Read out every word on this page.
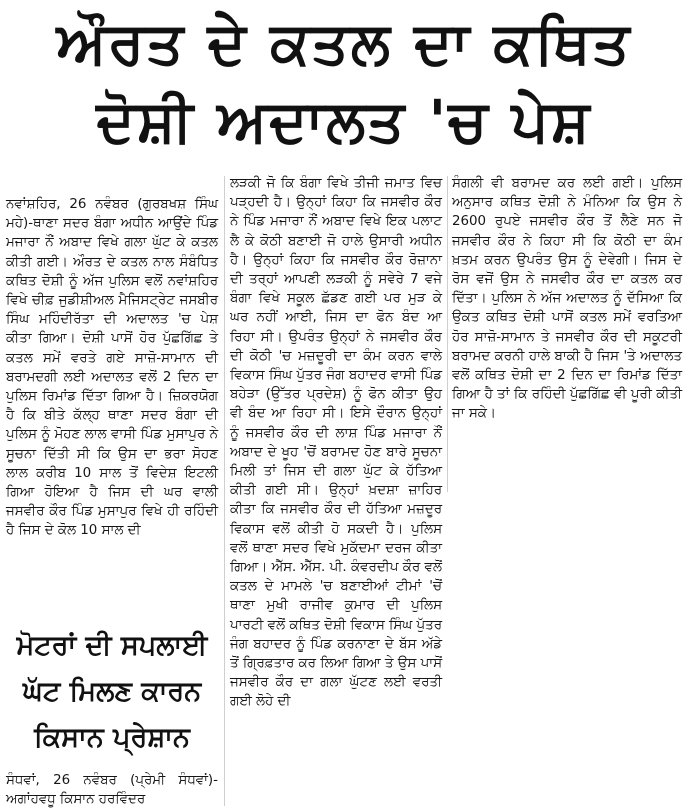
ਔਰਤ ਦੇ ਕਤਲ ਦਾ ਕਥਿਤ
ਦੋਸ਼ੀ ਅਦਾਲਤ 'ਚ ਪੇਸ਼
ਨਵਾਂਸ਼ਹਿਰ, 26 ਨਵੰਬਰ (ਗੁਰਬਖਸ਼ ਸਿੰਘ ਮਹੇ)-ਥਾਣਾ ਸਦਰ ਬੰਗਾ ਅਧੀਨ ਆਉਂਦੇ ਪਿੰਡ ਮਜਾਰਾ ਨੌਂ ਅਬਾਦ ਵਿਖੇ ਗਲਾ ਘੁੱਟ ਕੇ ਕਤਲ ਕੀਤੀ ਗਈ। ਔਰਤ ਦੇ ਕਤਲ ਨਾਲ ਸੰਬੰਧਿਤ ਕਥਿਤ ਦੋਸ਼ੀ ਨੂੰ ਅੱਜ ਪੁਲਿਸ ਵਲੋਂ ਨਵਾਂਸ਼ਹਿਰ ਵਿਖੇ ਚੀਫ਼ ਜੁਡੀਸ਼ੀਅਲ ਮੈਜਿਸਟ੍ਰੇਟ ਜਸਬੀਰ ਸਿੰਘ ਮਹਿੰਦੀਰੱਤਾ ਦੀ ਅਦਾਲਤ 'ਚ ਪੇਸ਼ ਕੀਤਾ ਗਿਆ। ਦੋਸ਼ੀ ਪਾਸੋਂ ਹੋਰ ਪੁੱਛਗਿੱਛ ਤੇ ਕਤਲ ਸਮੇਂ ਵਰਤੇ ਗਏ ਸਾਜ਼ੋ-ਸਾਮਾਨ ਦੀ ਬਰਾਮਦਗੀ ਲਈ ਅਦਾਲਤ ਵਲੋਂ 2 ਦਿਨ ਦਾ ਪੁਲਿਸ ਰਿਮਾਂਡ ਦਿੱਤਾ ਗਿਆ ਹੈ। ਜ਼ਿਕਰਯੋਗ ਹੈ ਕਿ ਬੀਤੇ ਕੱਲ੍ਹ ਥਾਣਾ ਸਦਰ ਬੰਗਾ ਦੀ ਪੁਲਿਸ ਨੂੰ ਮੋਹਣ ਲਾਲ ਵਾਸੀ ਪਿੰਡ ਮੁਸਾਪੁਰ ਨੇ ਸੂਚਨਾ ਦਿੱਤੀ ਸੀ ਕਿ ਉਸ ਦਾ ਭਰਾ ਸੋਹਣ ਲਾਲ ਕਰੀਬ 10 ਸਾਲ ਤੋਂ ਵਿਦੇਸ਼ ਇਟਲੀ ਗਿਆ ਹੋਇਆ ਹੈ ਜਿਸ ਦੀ ਘਰ ਵਾਲੀ ਜਸਵੀਰ ਕੌਰ ਪਿੰਡ ਮੁਸਾਪੁਰ ਵਿਖੇ ਹੀ ਰਹਿੰਦੀ ਹੈ ਜਿਸ ਦੇ ਕੋਲ 10 ਸਾਲ ਦੀ
ਲੜਕੀ ਜੋ ਕਿ ਬੰਗਾ ਵਿਖੇ ਤੀਜੀ ਜਮਾਤ ਵਿਚ ਪੜ੍ਹਦੀ ਹੈ। ਉਨ੍ਹਾਂ ਕਿਹਾ ਕਿ ਜਸਵੀਰ ਕੌਰ ਨੇ ਪਿੰਡ ਮਜਾਰਾ ਨੌਂ ਅਬਾਦ ਵਿਖੇ ਇਕ ਪਲਾਟ ਲੈ ਕੇ ਕੋਠੀ ਬਣਾਈ ਜੋ ਹਾਲੇ ਉਸਾਰੀ ਅਧੀਨ ਹੈ। ਉਨ੍ਹਾਂ ਕਿਹਾ ਕਿ ਜਸਵੀਰ ਕੌਰ ਰੋਜ਼ਾਨਾ ਦੀ ਤਰ੍ਹਾਂ ਆਪਣੀ ਲੜਕੀ ਨੂੰ ਸਵੇਰੇ 7 ਵਜੇ ਬੰਗਾ ਵਿਖੇ ਸਕੂਲ ਛੱਡਣ ਗਈ ਪਰ ਮੁੜ ਕੇ ਘਰ ਨਹੀਂ ਆਈ, ਜਿਸ ਦਾ ਫੋਨ ਬੰਦ ਆ ਰਿਹਾ ਸੀ। ਉਪਰੰਤ ਉਨ੍ਹਾਂ ਨੇ ਜਸਵੀਰ ਕੌਰ ਦੀ ਕੋਠੀ 'ਚ ਮਜ਼ਦੂਰੀ ਦਾ ਕੰਮ ਕਰਨ ਵਾਲੇ ਵਿਕਾਸ ਸਿੰਘ ਪੁੱਤਰ ਜੰਗ ਬਹਾਦਰ ਵਾਸੀ ਪਿੰਡ ਬਹੇੜਾ (ਉੱਤਰ ਪ੍ਰਦੇਸ਼) ਨੂੰ ਫੋਨ ਕੀਤਾ ਉਹ ਵੀ ਬੰਦ ਆ ਰਿਹਾ ਸੀ। ਇਸੇ ਦੌਰਾਨ ਉਨ੍ਹਾਂ ਨੂੰ ਜਸਵੀਰ ਕੌਰ ਦੀ ਲਾਸ਼ ਪਿੰਡ ਮਜਾਰਾ ਨੌਂ ਅਬਾਦ ਦੇ ਖੂਹ 'ਚੋਂ ਬਰਾਮਦ ਹੋਣ ਬਾਰੇ ਸੂਚਨਾ ਮਿਲੀ ਤਾਂ ਜਿਸ ਦੀ ਗਲਾ ਘੁੱਟ ਕੇ ਹੱਤਿਆ ਕੀਤੀ ਗਈ ਸੀ। ਉਨ੍ਹਾਂ ਖ਼ਦਸ਼ਾ ਜ਼ਾਹਿਰ ਕੀਤਾ ਕਿ ਜਸਵੀਰ ਕੌਰ ਦੀ ਹੱਤਿਆ ਮਜ਼ਦੂਰ ਵਿਕਾਸ ਵਲੋਂ ਕੀਤੀ ਹੋ ਸਕਦੀ ਹੈ। ਪੁਲਿਸ ਵਲੋਂ ਥਾਣਾ ਸਦਰ ਵਿਖੇ ਮੁਕੱਦਮਾ ਦਰਜ ਕੀਤਾ ਗਿਆ। ਐੱਸ. ਐੱਸ. ਪੀ. ਕੰਵਰਦੀਪ ਕੌਰ ਵਲੋਂ ਕਤਲ ਦੇ ਮਾਮਲੇ 'ਚ ਬਣਾਈਆਂ ਟੀਮਾਂ 'ਚੋਂ ਥਾਣਾ ਮੁਖੀ ਰਾਜੀਵ ਕੁਮਾਰ ਦੀ ਪੁਲਿਸ ਪਾਰਟੀ ਵਲੋਂ ਕਥਿਤ ਦੋਸ਼ੀ ਵਿਕਾਸ ਸਿੰਘ ਪੁੱਤਰ ਜੰਗ ਬਹਾਦਰ ਨੂੰ ਪਿੰਡ ਕਰਨਾਣਾ ਦੇ ਬੱਸ ਅੱਡੇ ਤੋਂ ਗ੍ਰਿਫ਼ਤਾਰ ਕਰ ਲਿਆ ਗਿਆ ਤੇ ਉਸ ਪਾਸੋਂ ਜਸਵੀਰ ਕੌਰ ਦਾ ਗਲਾ ਘੁੱਟਣ ਲਈ ਵਰਤੀ ਗਈ ਲੋਹੇ ਦੀ
ਸੰਗਲੀ ਵੀ ਬਰਾਮਦ ਕਰ ਲਈ ਗਈ। ਪੁਲਿਸ ਅਨੁਸਾਰ ਕਥਿਤ ਦੋਸ਼ੀ ਨੇ ਮੰਨਿਆ ਕਿ ਉਸ ਨੇ 2600 ਰੁਪਏ ਜਸਵੀਰ ਕੌਰ ਤੋਂ ਲੈਣੇ ਸਨ ਜੋ ਜਸਵੀਰ ਕੌਰ ਨੇ ਕਿਹਾ ਸੀ ਕਿ ਕੋਠੀ ਦਾ ਕੰਮ ਖ਼ਤਮ ਕਰਨ ਉਪਰੰਤ ਉਸ ਨੂੰ ਦੇਵੇਗੀ। ਜਿਸ ਦੇ ਰੋਸ ਵਜੋਂ ਉਸ ਨੇ ਜਸਵੀਰ ਕੌਰ ਦਾ ਕਤਲ ਕਰ ਦਿੱਤਾ। ਪੁਲਿਸ ਨੇ ਅੱਜ ਅਦਾਲਤ ਨੂੰ ਦੱਸਿਆ ਕਿ ਉਕਤ ਕਥਿਤ ਦੋਸ਼ੀ ਪਾਸੋਂ ਕਤਲ ਸਮੇਂ ਵਰਤਿਆ ਹੋਰ ਸਾਜ਼ੋ-ਸਾਮਾਨ ਤੇ ਜਸਵੀਰ ਕੌਰ ਦੀ ਸਕੂਟਰੀ ਬਰਾਮਦ ਕਰਨੀ ਹਾਲੇ ਬਾਕੀ ਹੈ ਜਿਸ 'ਤੇ ਅਦਾਲਤ ਵਲੋਂ ਕਥਿਤ ਦੋਸ਼ੀ ਦਾ 2 ਦਿਨ ਦਾ ਰਿਮਾਂਡ ਦਿੱਤਾ ਗਿਆ ਹੈ ਤਾਂ ਕਿ ਰਹਿੰਦੀ ਪੁੱਛਗਿੱਛ ਵੀ ਪੂਰੀ ਕੀਤੀ ਜਾ ਸਕੇ।
ਮੋਟਰਾਂ ਦੀ ਸਪਲਾਈ
ਘੱਟ ਮਿਲਣ ਕਾਰਨ
ਕਿਸਾਨ ਪ੍ਰੇਸ਼ਾਨ
ਸੰਧਵਾਂ, 26 ਨਵੰਬਰ (ਪ੍ਰੇਮੀ ਸੰਧਵਾਂ)-ਅਗਾਂਹਵਧੂ ਕਿਸਾਨ ਹਰਵਿੰਦਰ
